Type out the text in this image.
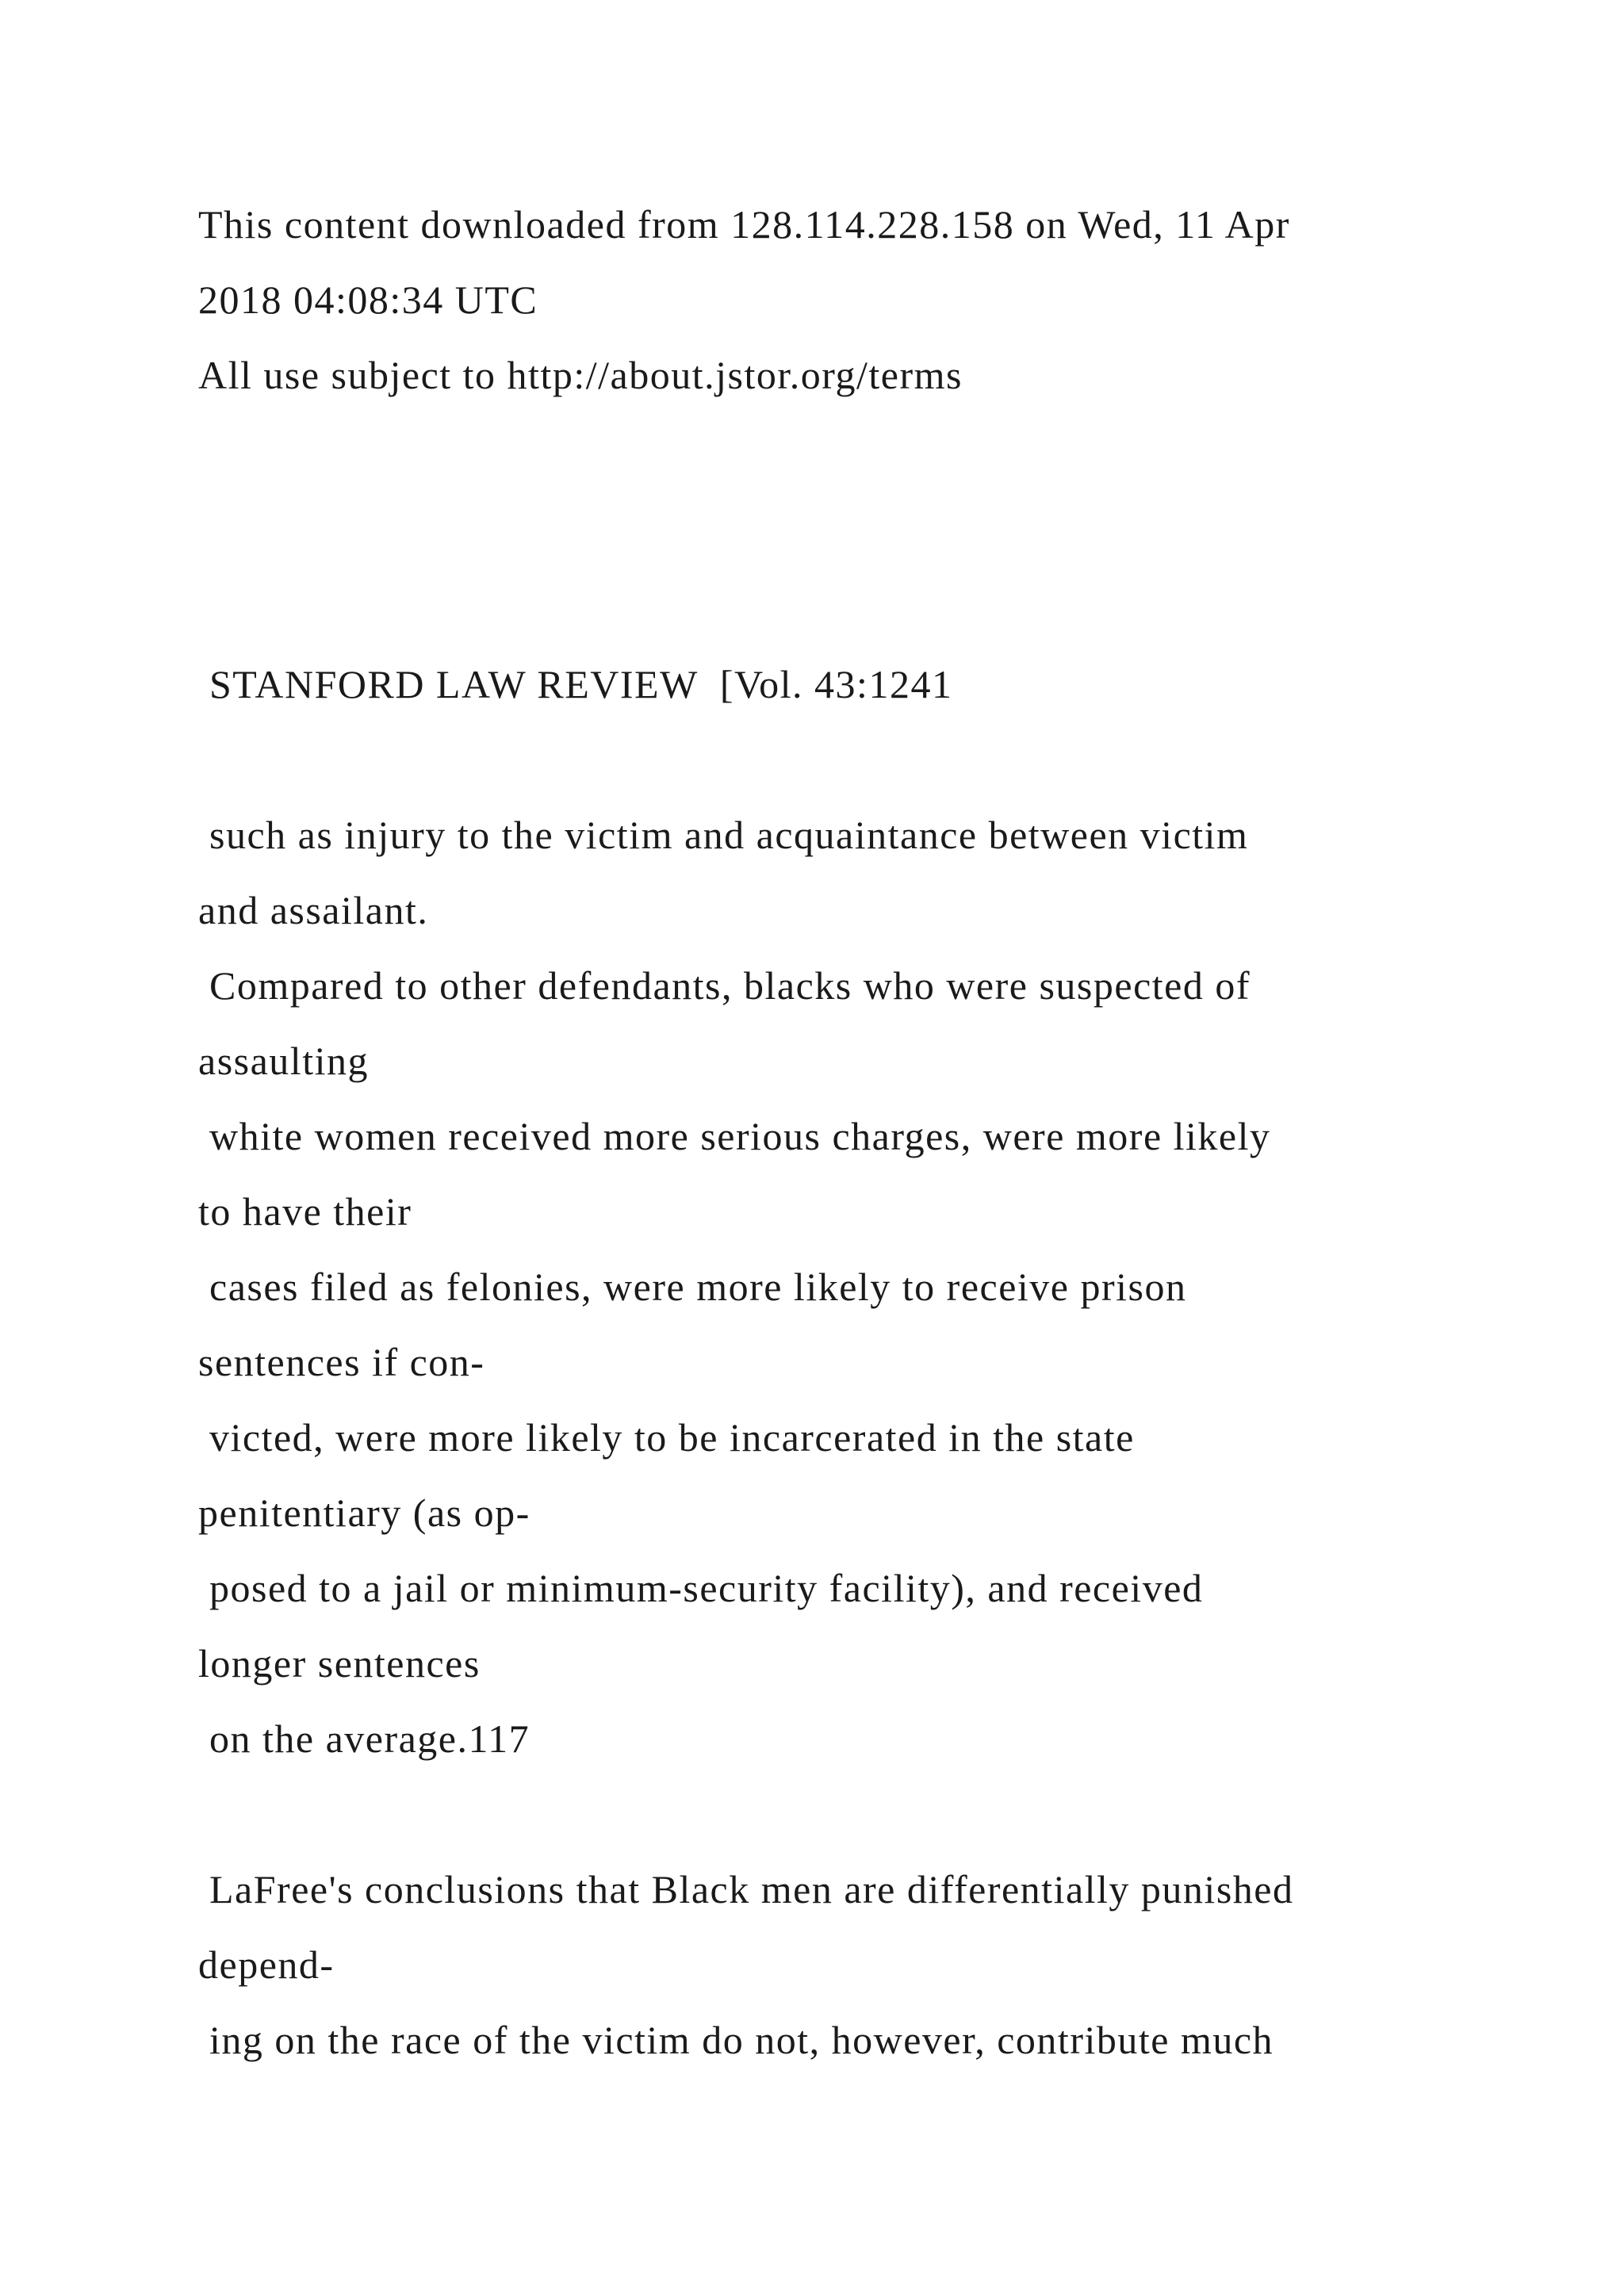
This content downloaded from 128.114.228.158 on Wed, 11 Apr
2018 04:08:34 UTC
All use subject to http://about.jstor.org/terms
STANFORD LAW REVIEW  [Vol. 43:1241
such as injury to the victim and acquaintance between victim
and assailant.
Compared to other defendants, blacks who were suspected of
assaulting
white women received more serious charges, were more likely
to have their
cases filed as felonies, were more likely to receive prison
sentences if con-
victed, were more likely to be incarcerated in the state
penitentiary (as op-
posed to a jail or minimum-security facility), and received
longer sentences
on the average.117
LaFree's conclusions that Black men are differentially punished
depend-
ing on the race of the victim do not, however, contribute much
